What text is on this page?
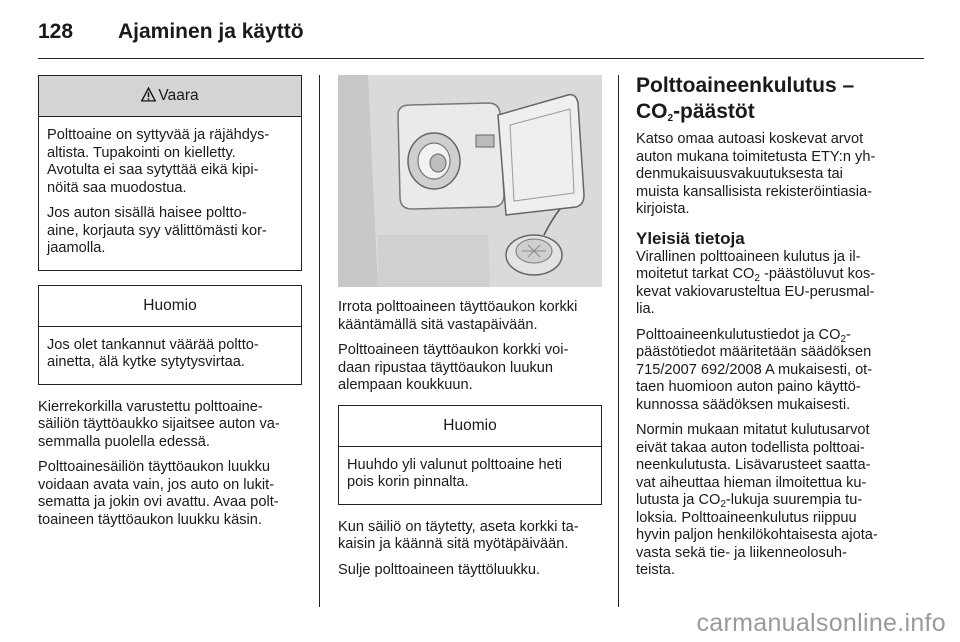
128 Ajaminen ja käyttö
Vaara

Polttoaine on syttyvää ja räjähdys-
altista. Tupakointi on kielletty.
Avotulta ei saa sytyttää eikä kipi-
nöitä saa muodostua.

Jos auton sisällä haisee poltto-
aine, korjauta syy välittömästi kor-
jaamolla.

Huomio

Jos olet tankannut väärää poltto-
ainetta, älä kytke sytytysvirtaa.

Kierrekorkilla varustettu polttoaine-
säiliön täyttöaukko sijaitsee auton va-
semmalla puolella edessä.

Polttoainesäiliön täyttöaukon luukku
voidaan avata vain, jos auto on lukit-
sematta ja jokin ovi avattu. Avaa polt-
toaineen täyttöaukon luukku käsin.

Irrota polttoaineen täyttöaukon korkki
kääntämällä sitä vastapäivään.

Polttoaineen täyttöaukon korkki voi-
daan ripustaa täyttöaukon luukun
alempaan koukkuun.

Huomio

Huuhdo yli valunut polttoaine heti
pois korin pinnalta.

Kun säiliö on täytetty, aseta korkki ta-
kaisin ja käännä sitä myötäpäivään.

Sulje polttoaineen täyttöluukku.

Polttoaineenkulutus –
$CO_2$-päästöt

Katso omaa autoasi koskevat arvot
auton mukana toimitetusta ETY:n yh-
denmukaisuusvakuutuksesta tai
muista kansallisista rekisteröintiasia-
kirjoista.

Yleisiä tietoja

Virallinen polttoaineen kulutus ja il-
moitetut tarkat $CO_2$ -päästöluvut kos-
kevat vakiovarusteltua EU-perusmal-
lia.

Polttoaineenkulutustiedot ja $CO_2-$
päästötiedot määritetään säädöksen
715/2007 692/2008 A mukaisesti, ot-
taen huomioon auton paino käyttö-
kunnossa säädöksen mukaisesti.

Normin mukaan mitatut kulutusarvot
eivät takaa auton todellista polttoai-
neenkulutusta. Lisävarusteet saatta-
vat aiheuttaa hieman ilmoitettua ku-
lutusta ja $CO_2$-lukuja suurempia tu-
loksia. Polttoaineenkulutus riippuu
hyvin paljon henkilökohtaisesta ajota-
vasta sekä tie- ja liikenneolosuh-
teista.

carmanualsonline.info
